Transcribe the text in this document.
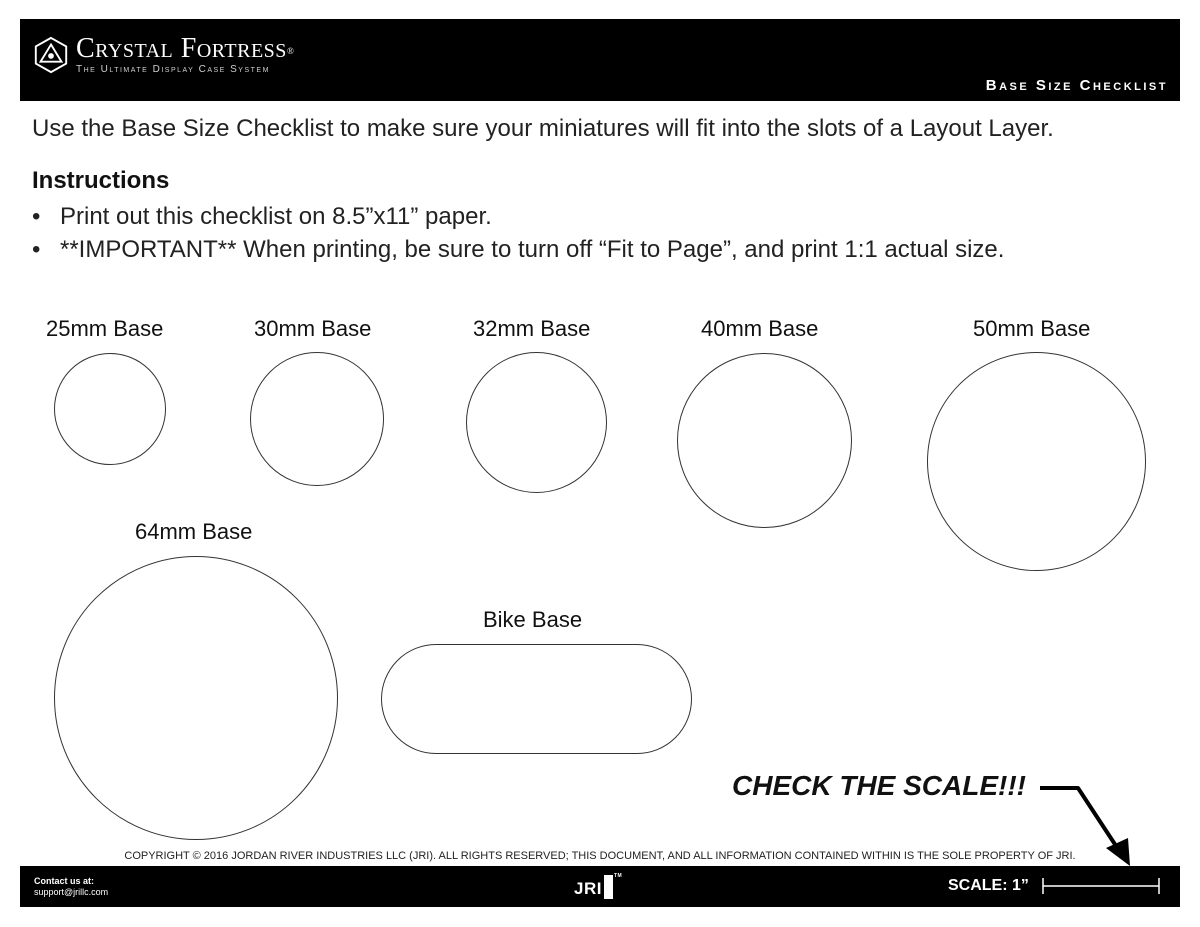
Crystal Fortress®
The Ultimate Display Case System
Base Size Checklist
Use the Base Size Checklist to make sure your miniatures will fit into the slots of a Layout Layer.
Instructions
• Print out this checklist on 8.5”x11” paper.
• **IMPORTANT** When printing, be sure to turn off “Fit to Page”, and print 1:1 actual size.
25mm Base	30mm Base	32mm Base	40mm Base	50mm Base
64mm Base
Bike Base
CHECK THE SCALE!!!
COPYRIGHT © 2016 JORDAN RIVER INDUSTRIES LLC (JRI). ALL RIGHTS RESERVED; THIS DOCUMENT, AND ALL INFORMATION CONTAINED WITHIN IS THE SOLE PROPERTY OF JRI.
Contact us at:
support@jrillc.com	JRI
TM
SCALE: 1”
